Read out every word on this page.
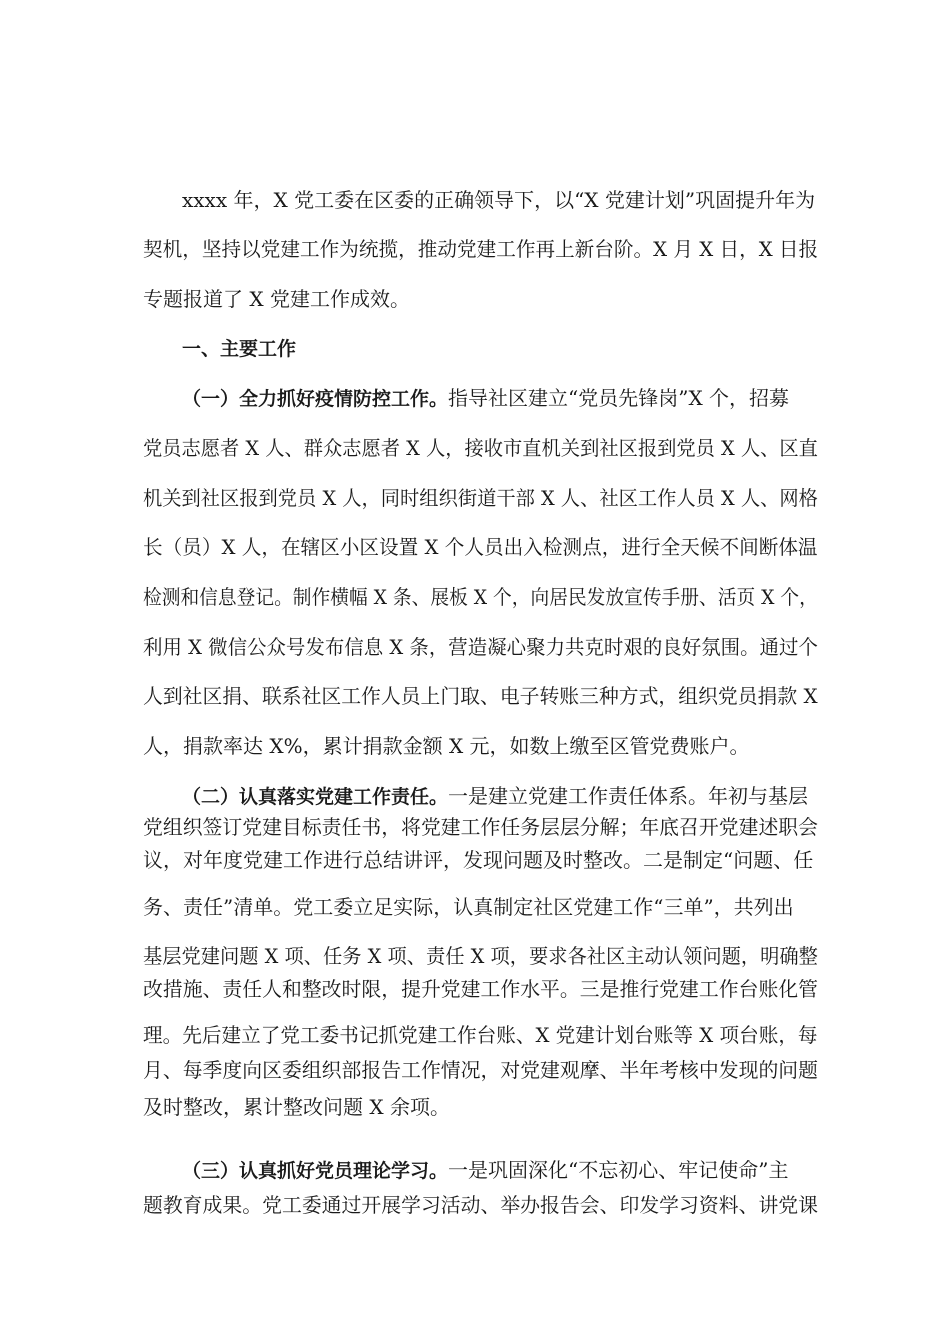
xxxx 年，X 党工委在区委的正确领导下，以“X 党建计划”巩固提升年为
契机，坚持以党建工作为统揽，推动党建工作再上新台阶。X 月 X 日，X 日报
专题报道了 X 党建工作成效。
一、主要工作
（一）全力抓好疫情防控工作。指导社区建立“党员先锋岗”X 个，招募
党员志愿者 X 人、群众志愿者 X 人，接收市直机关到社区报到党员 X 人、区直
机关到社区报到党员 X 人，同时组织街道干部 X 人、社区工作人员 X 人、网格
长（员）X 人，在辖区小区设置 X 个人员出入检测点，进行全天候不间断体温
检测和信息登记。制作横幅 X 条、展板 X 个，向居民发放宣传手册、活页 X 个，
利用 X 微信公众号发布信息 X 条，营造凝心聚力共克时艰的良好氛围。通过个
人到社区捐、联系社区工作人员上门取、电子转账三种方式，组织党员捐款 X
人，捐款率达 X%，累计捐款金额 X 元，如数上缴至区管党费账户。
（二）认真落实党建工作责任。一是建立党建工作责任体系。年初与基层
党组织签订党建目标责任书，将党建工作任务层层分解；年底召开党建述职会
议，对年度党建工作进行总结讲评，发现问题及时整改。二是制定“问题、任
务、责任”清单。党工委立足实际，认真制定社区党建工作“三单”，共列出
基层党建问题 X 项、任务 X 项、责任 X 项，要求各社区主动认领问题，明确整
改措施、责任人和整改时限，提升党建工作水平。三是推行党建工作台账化管
理。先后建立了党工委书记抓党建工作台账、X 党建计划台账等 X 项台账，每
月、每季度向区委组织部报告工作情况，对党建观摩、半年考核中发现的问题
及时整改，累计整改问题 X 余项。
（三）认真抓好党员理论学习。一是巩固深化“不忘初心、牢记使命”主
题教育成果。党工委通过开展学习活动、举办报告会、印发学习资料、讲党课
